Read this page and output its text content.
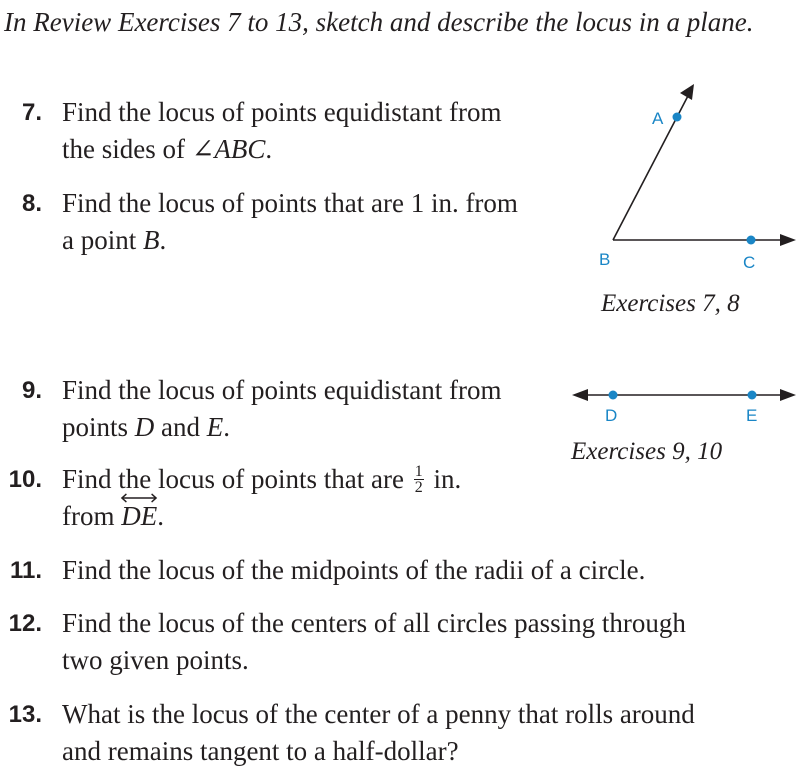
In Review Exercises 7 to 13, sketch and describe the locus in a plane.
7. Find the locus of points equidistant from
the sides of ∠ABC.
8. Find the locus of points that are 1 in. from
a point B.
9. Find the locus of points equidistant from
points D and E.
10. Find the locus of points that are $\frac{1}{2}$ in.
from
DE.
11. Find the locus of the midpoints of the radii of a circle.
12. Find the locus of the centers of all circles passing through
two given points.
13. What is the locus of the center of a penny that rolls around
and remains tangent to a half-dollar?
A
B	C
Exercises 7, 8
D	E
Exercises 9, 10
